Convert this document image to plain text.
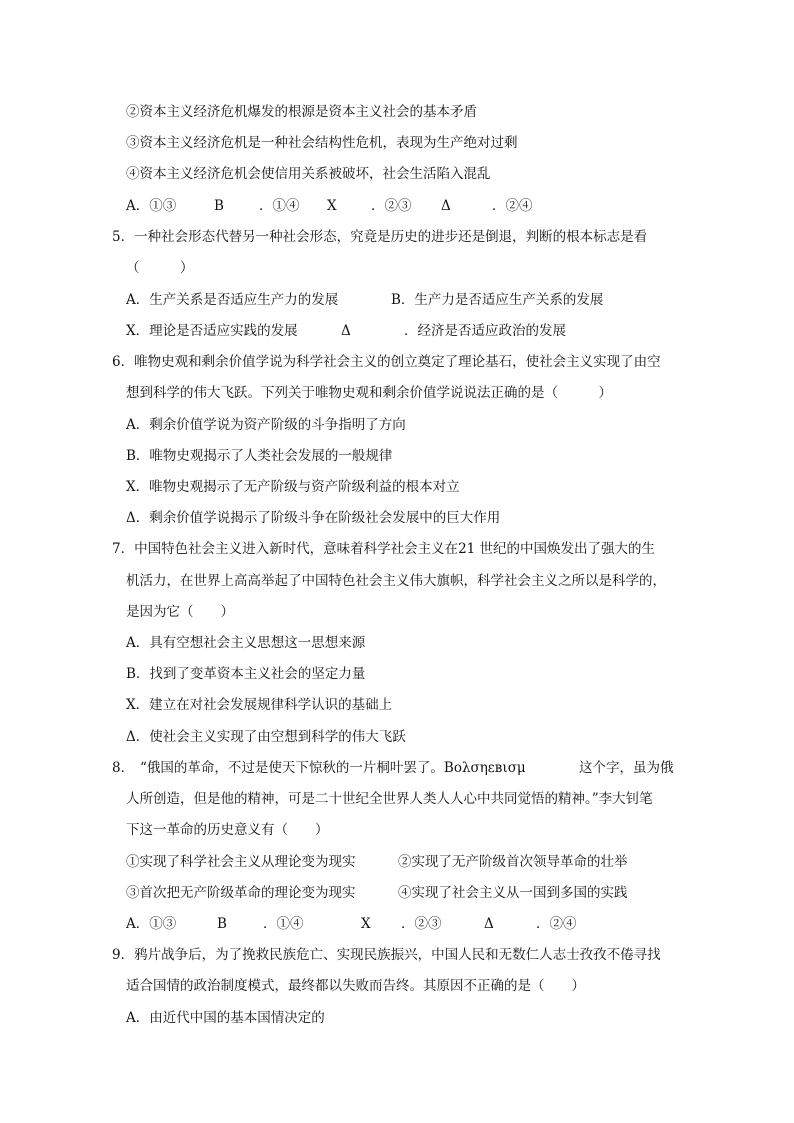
②资本主义经济危机爆发的根源是资本主义社会的基本矛盾
③资本主义经济危机是一种社会结构性危机，表现为生产绝对过剩
④资本主义经济危机会使信用关系被破坏，社会生活陷入混乱
A．①③	B	．①④ X	．②③ Δ	．②④
5．一种社会形态代替另一种社会形态，究竟是历史的进步还是倒退，判断的根本标志是看
（　　　）
A．生产关系是否适应生产力的发展	B．生产力是否适应生产关系的发展
X．理论是否适应实践的发展	Δ	．经济是否适应政治的发展
6．唯物史观和剩余价值学说为科学社会主义的创立奠定了理论基石，使社会主义实现了由空
想到科学的伟大飞跃。下列关于唯物史观和剩余价值学说说法正确的是（　　　）
A．剩余价值学说为资产阶级的斗争指明了方向
B．唯物史观揭示了人类社会发展的一般规律
X．唯物史观揭示了无产阶级与资产阶级利益的根本对立
Δ．剩余价值学说揭示了阶级斗争在阶级社会发展中的巨大作用
7．中国特色社会主义进入新时代，意味着科学社会主义在21 世纪的中国焕发出了强大的生
机活力，在世界上高高举起了中国特色社会主义伟大旗帜，科学社会主义之所以是科学的，
是因为它（　　）
A．具有空想社会主义思想这一思想来源
B．找到了变革资本主义社会的坚定力量
X．建立在对社会发展规律科学认识的基础上
Δ．使社会主义实现了由空想到科学的伟大飞跃
8． “俄国的革命，不过是使天下惊秋的一片桐叶罢了。Bολσηεвισμ	这个字，虽为俄
人所创造，但是他的精神，可是二十世纪全世界人类人人心中共同觉悟的精神。”李大钊笔
下这一革命的历史意义有（　　）
①实现了科学社会主义从理论变为现实	②实现了无产阶级首次领导革命的壮举
③首次把无产阶级革命的理论变为现实	④实现了社会主义从一国到多国的实践
A．①③	B	．①④	X ．②③	Δ	．②④
9．鸦片战争后，为了挽救民族危亡、实现民族振兴，中国人民和无数仁人志士孜孜不倦寻找
适合国情的政治制度模式，最终都以失败而告终。其原因不正确的是（　　）
A．由近代中国的基本国情决定的
